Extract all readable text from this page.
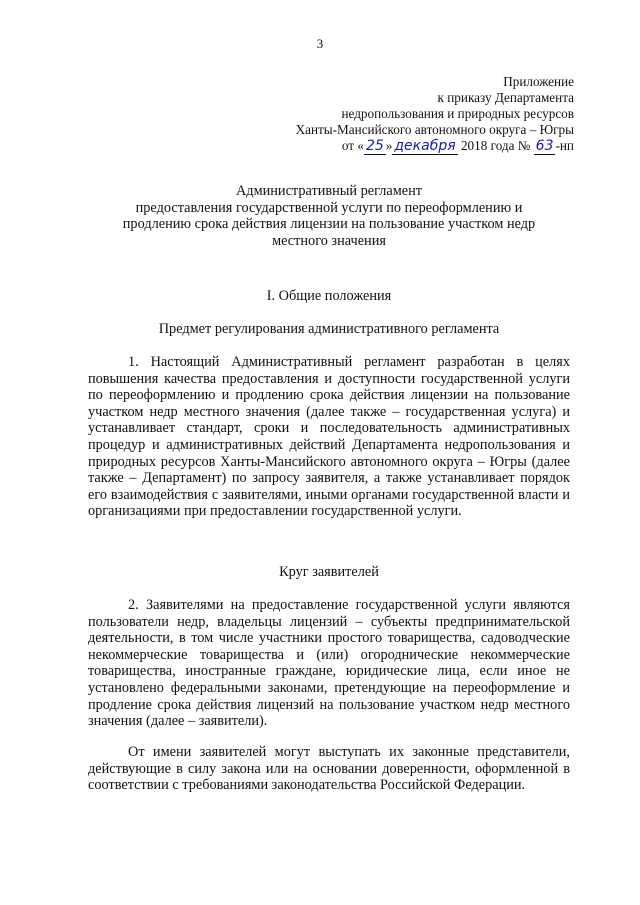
3
Приложение
к приказу Департамента
недропользования и природных ресурсов
Ханты-Мансийского автономного округа – Югры
от « 25 » декабря 2018 года № 63 -нп
Административный регламент
предоставления государственной услуги по переоформлению и
продлению срока действия лицензии на пользование участком недр
местного значения
I. Общие положения
Предмет регулирования административного регламента
1. Настоящий Административный регламент разработан в целях повышения качества предоставления и доступности государственной услуги по переоформлению и продлению срока действия лицензии на пользование участком недр местного значения (далее также – государственная услуга) и устанавливает стандарт, сроки и последовательность административных процедур и административных действий Департамента недропользования и природных ресурсов Ханты-Мансийского автономного округа – Югры (далее также – Департамент) по запросу заявителя, а также устанавливает порядок его взаимодействия с заявителями, иными органами государственной власти и организациями при предоставлении государственной услуги.
Круг заявителей
2. Заявителями на предоставление государственной услуги являются пользователи недр, владельцы лицензий – субъекты предпринимательской деятельности, в том числе участники простого товарищества, садоводческие некоммерческие товарищества и (или) огороднические некоммерческие товарищества, иностранные граждане, юридические лица, если иное не установлено федеральными законами, претендующие на переоформление и продление срока действия лицензий на пользование участком недр местного значения (далее – заявители).
От имени заявителей могут выступать их законные представители, действующие в силу закона или на основании доверенности, оформленной в соответствии с требованиями законодательства Российской Федерации.
